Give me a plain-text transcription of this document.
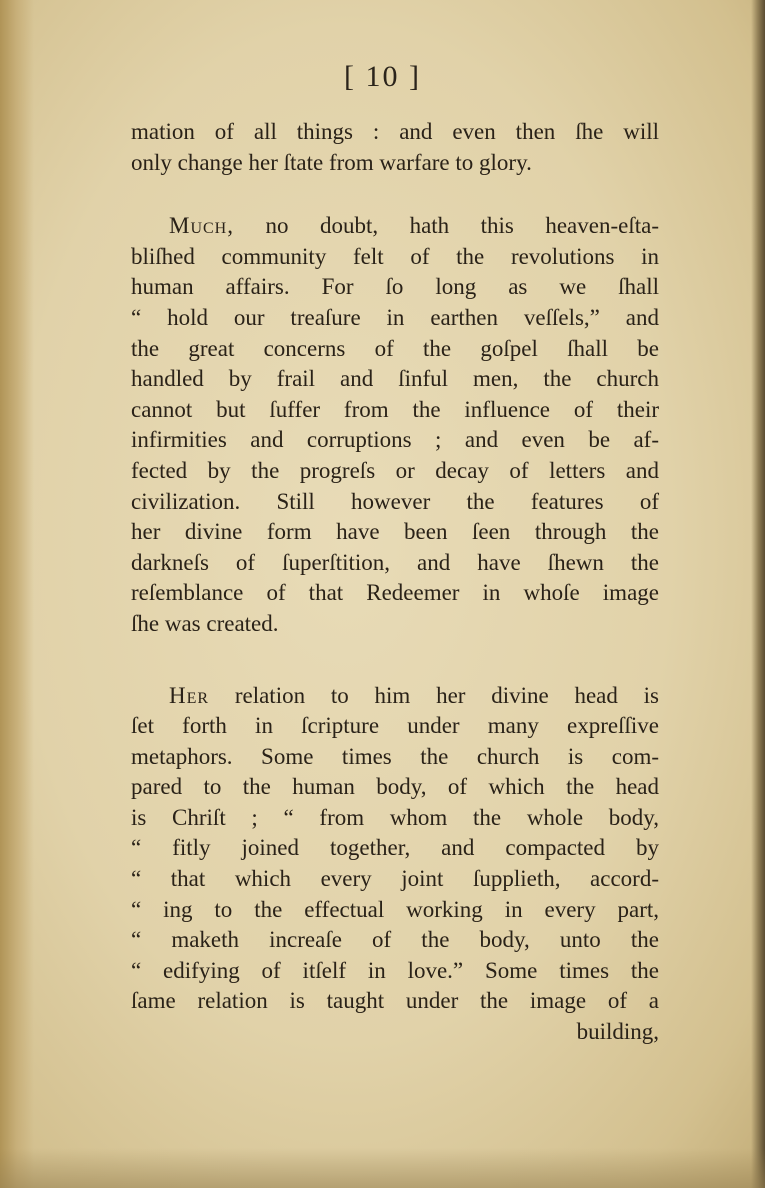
[ 10 ]
mation of all things : and even then ſhe will
only change her ſtate from warfare to glory.
Much, no doubt, hath this heaven-eſta-
bliſhed community felt of the revolutions in
human affairs. For ſo long as we ſhall
“ hold our treaſure in earthen veſſels,” and
the great concerns of the goſpel ſhall be
handled by frail and ſinful men, the church
cannot but ſuffer from the influence of their
infirmities and corruptions ; and even be af-
fected by the progreſs or decay of letters and
civilization. Still however the features of
her divine form have been ſeen through the
darkneſs of ſuperſtition, and have ſhewn the
reſemblance of that Redeemer in whoſe image
ſhe was created.
Her relation to him her divine head is
ſet forth in ſcripture under many expreſſive
metaphors. Some times the church is com-
pared to the human body, of which the head
is Chriſt ; “ from whom the whole body,
“ fitly joined together, and compacted by
“ that which every joint ſupplieth, accord-
“ ing to the effectual working in every part,
“ maketh increaſe of the body, unto the
“ edifying of itſelf in love.” Some times the
ſame relation is taught under the image of a
building,
